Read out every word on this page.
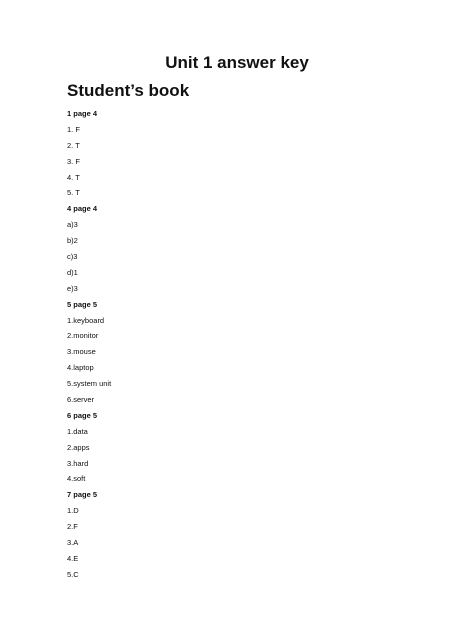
Unit 1 answer key
Student’s book
1 page 4
1. F
2. T
3. F
4. T
5. T
4 page 4
a)3
b)2
c)3
d)1
e)3
5 page 5
1.keyboard
2.monitor
3.mouse
4.laptop
5.system unit
6.server
6 page 5
1.data
2.apps
3.hard
4.soft
7 page 5
1.D
2.F
3.A
4.E
5.C
